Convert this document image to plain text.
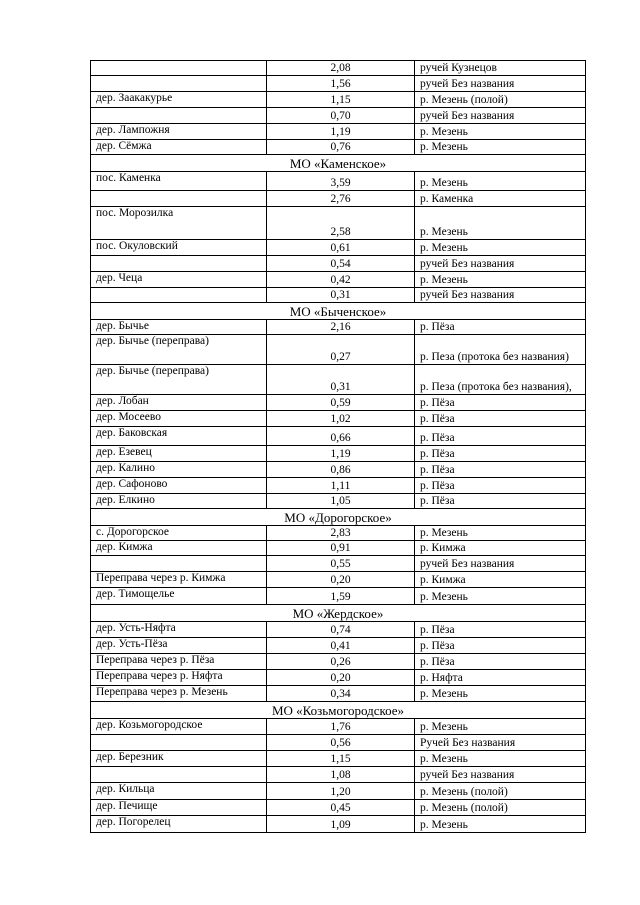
	2,08	ручей Кузнецов
	1,56	ручей Без названия
дер. Заакакурье	1,15	р. Мезень (полой)
	0,70	ручей Без названия
дер. Лампожня	1,19	р. Мезень
дер. Сёмжа	0,76	р. Мезень
МО «Каменское»		
пос. Каменка	3,59	р. Мезень
	2,76	р. Каменка
пос. Морозилка	2,58	р. Мезень
пос. Окуловский	0,61	р. Мезень
	0,54	ручей Без названия
дер. Чеца	0,42	р. Мезень
	0,31	ручей Без названия
МО «Быченское»		
дер. Бычье	2,16	р. Пёза
дер. Бычье (переправа)	0,27	р. Пеза (протока без названия)
дер. Бычье (переправа)	0,31	р. Пеза (протока без названия),
дер. Лобан	0,59	р. Пёза
дер. Мосеево	1,02	р. Пёза
дер. Баковская	0,66	р. Пёза
дер. Езевец	1,19	р. Пёза
дер. Калино	0,86	р. Пёза
дер. Сафоново	1,11	р. Пёза
дер. Елкино	1,05	р. Пёза
МО «Дорогорское»		
с. Дорогорское	2,83	р. Мезень
дер. Кимжа	0,91	р. Кимжа
	0,55	ручей Без названия
Переправа через р. Кимжа	0,20	р. Кимжа
дер. Тимощелье	1,59	р. Мезень
МО «Жердское»		
дер. Усть-Няфта	0,74	р. Пёза
дер. Усть-Пёза	0,41	р. Пёза
Переправа через р. Пёза	0,26	р. Пёза
Переправа через р. Няфта	0,20	р. Няфта
Переправа через р. Мезень	0,34	р. Мезень
МО «Козьмогородское»		
дер. Козьмогородское	1,76	р. Мезень
	0,56	Ручей Без названия
дер. Березник	1,15	р. Мезень
	1,08	ручей Без названия
дер. Кильца	1,20	р. Мезень (полой)
дер. Печище	0,45	р. Мезень (полой)
дер. Погорелец	1,09	р. Мезень
